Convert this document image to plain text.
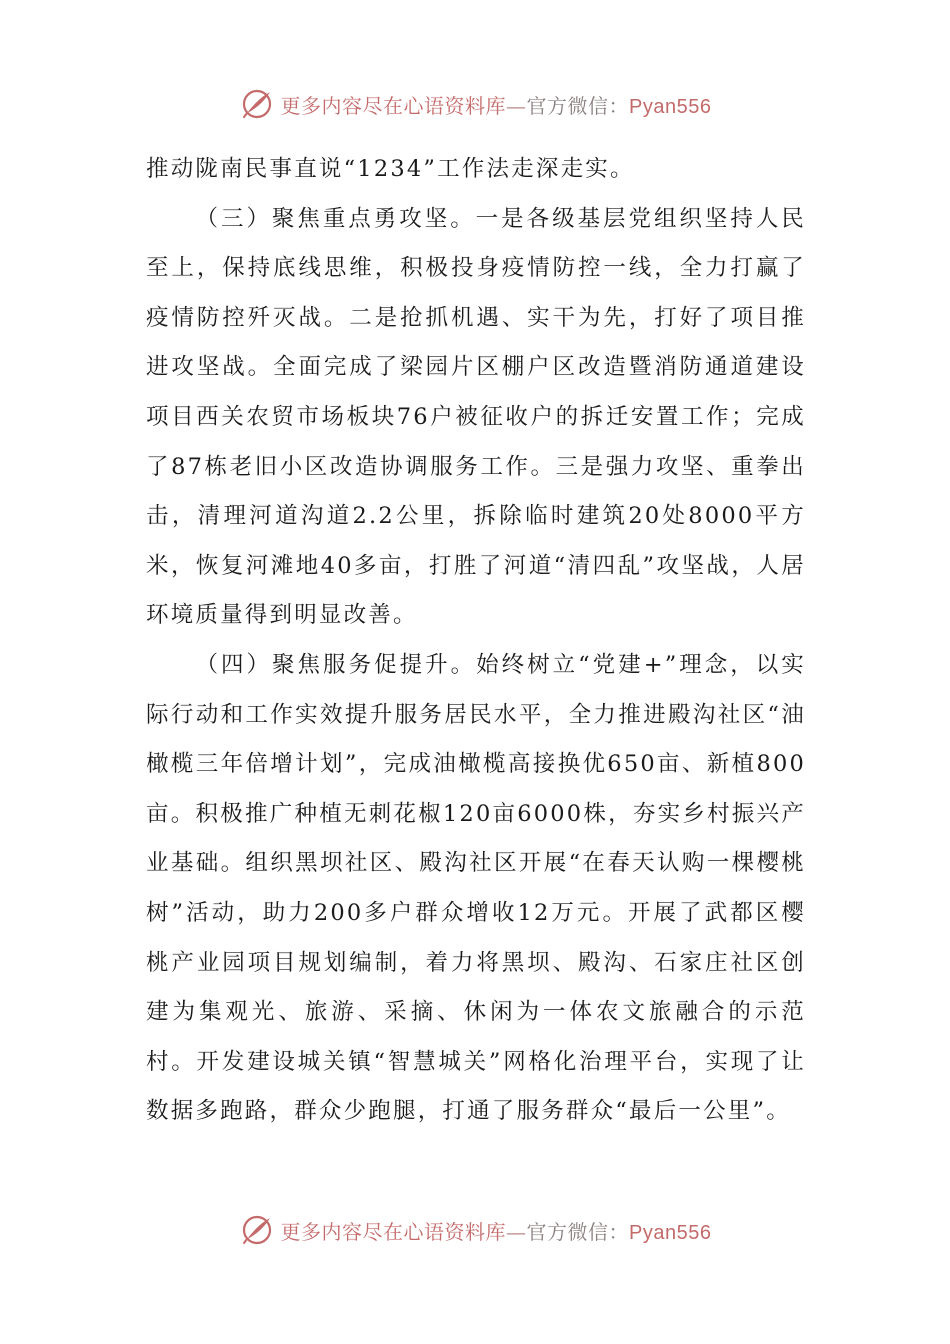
更多内容尽在心语资料库—官方微信：Pyan556

推动陇南民事直说“1234”工作法走深走实。

（三）聚焦重点勇攻坚。一是各级基层党组织坚持人民至上，保持底线思维，积极投身疫情防控一线，全力打赢了疫情防控歼灭战。二是抢抓机遇、实干为先，打好了项目推进攻坚战。全面完成了梁园片区棚户区改造暨消防通道建设项目西关农贸市场板块76户被征收户的拆迁安置工作；完成了87栋老旧小区改造协调服务工作。三是强力攻坚、重拳出击，清理河道沟道2.2公里，拆除临时建筑20处8000平方米，恢复河滩地40多亩，打胜了河道“清四乱”攻坚战，人居环境质量得到明显改善。

（四）聚焦服务促提升。始终树立“党建+”理念，以实际行动和工作实效提升服务居民水平，全力推进殿沟社区“油橄榄三年倍增计划”，完成油橄榄高接换优650亩、新植800亩。积极推广种植无刺花椒120亩6000株，夯实乡村振兴产业基础。组织黑坝社区、殿沟社区开展“在春天认购一棵樱桃树”活动，助力200多户群众增收12万元。开展了武都区樱桃产业园项目规划编制，着力将黑坝、殿沟、石家庄社区创建为集观光、旅游、采摘、休闲为一体农文旅融合的示范村。开发建设城关镇“智慧城关”网格化治理平台，实现了让数据多跑路，群众少跑腿，打通了服务群众“最后一公里”。

更多内容尽在心语资料库—官方微信：Pyan556
